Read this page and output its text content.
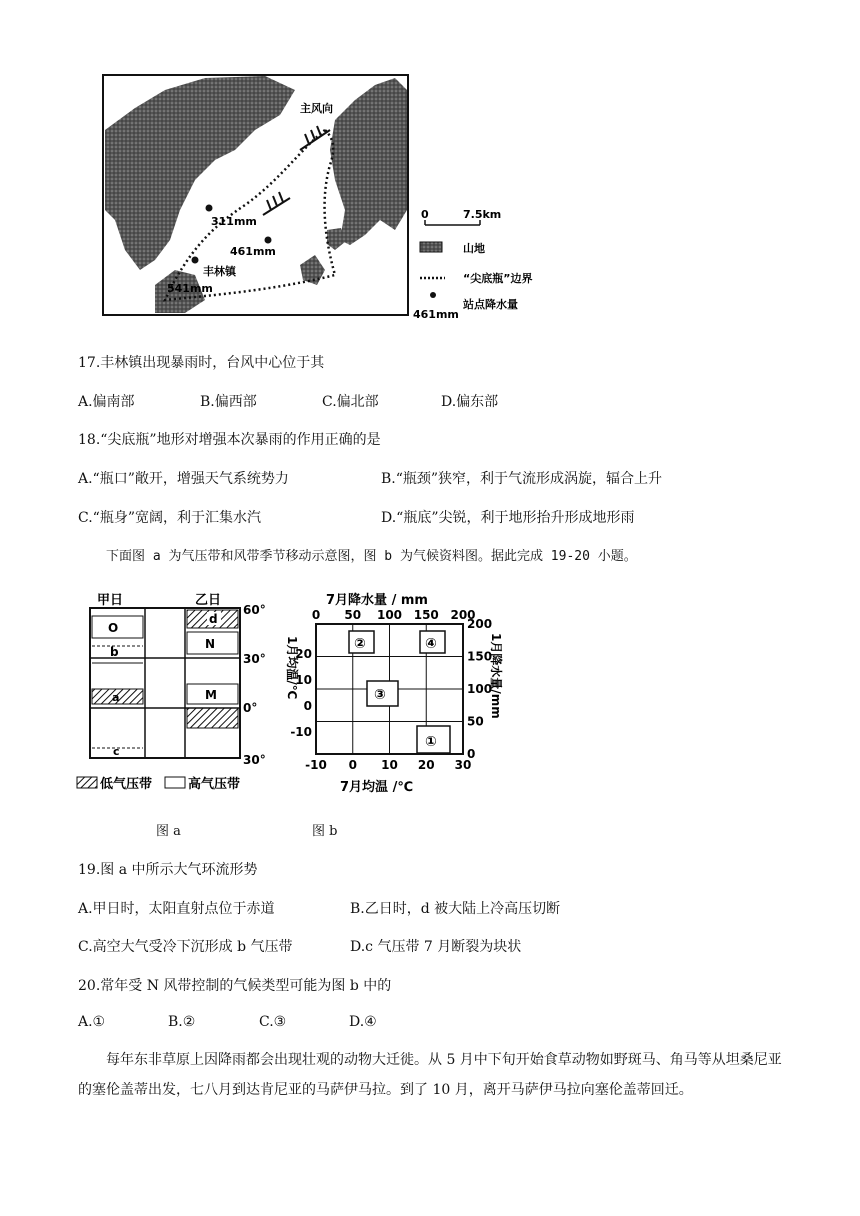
主风向
311mm
461mm
丰林镇
541mm
0	7.5km
山地
“尖底瓶”边界
站点降水量
461mm
17.丰林镇出现暴雨时，台风中心位于其
A.偏南部	B.偏西部	C.偏北部	D.偏东部
18.“尖底瓶”地形对增强本次暴雨的作用正确的是
A.“瓶口”敞开，增强天气系统势力	B.“瓶颈”狭窄，利于气流形成涡旋，辐合上升
C.“瓶身”宽阔，利于汇集水汽	D.“瓶底”尖锐，利于地形抬升形成地形雨
下面图 a 为气压带和风带季节移动示意图，图 b 为气候资料图。据此完成 19-20 小题。
甲日	乙日
O
b
a
c
d
N
M
60°
30°
0°
30°
低气压带	高气压带
7月降水量 / mm
0 50 100 150 200
20
10
0
-10
200
150
100
50
0
-10 0 10 20 30
1月均温/℃	1月降水量/mm
7月均温 /℃
②	④
③
①
图 a	图 b
19.图 a 中所示大气环流形势
A.甲日时，太阳直射点位于赤道	B.乙日时，d 被大陆上冷高压切断
C.高空大气受冷下沉形成 b 气压带	D.c 气压带 7 月断裂为块状
20.常年受 N 风带控制的气候类型可能为图 b 中的
A.①	B.②	C.③	D.④
每年东非草原上因降雨都会出现壮观的动物大迁徙。从 5 月中下旬开始食草动物如野斑马、角马等从坦桑尼亚的塞伦盖蒂出发，七八月到达肯尼亚的马萨伊马拉。到了 10 月，离开马萨伊马拉向塞伦盖蒂回迁。
